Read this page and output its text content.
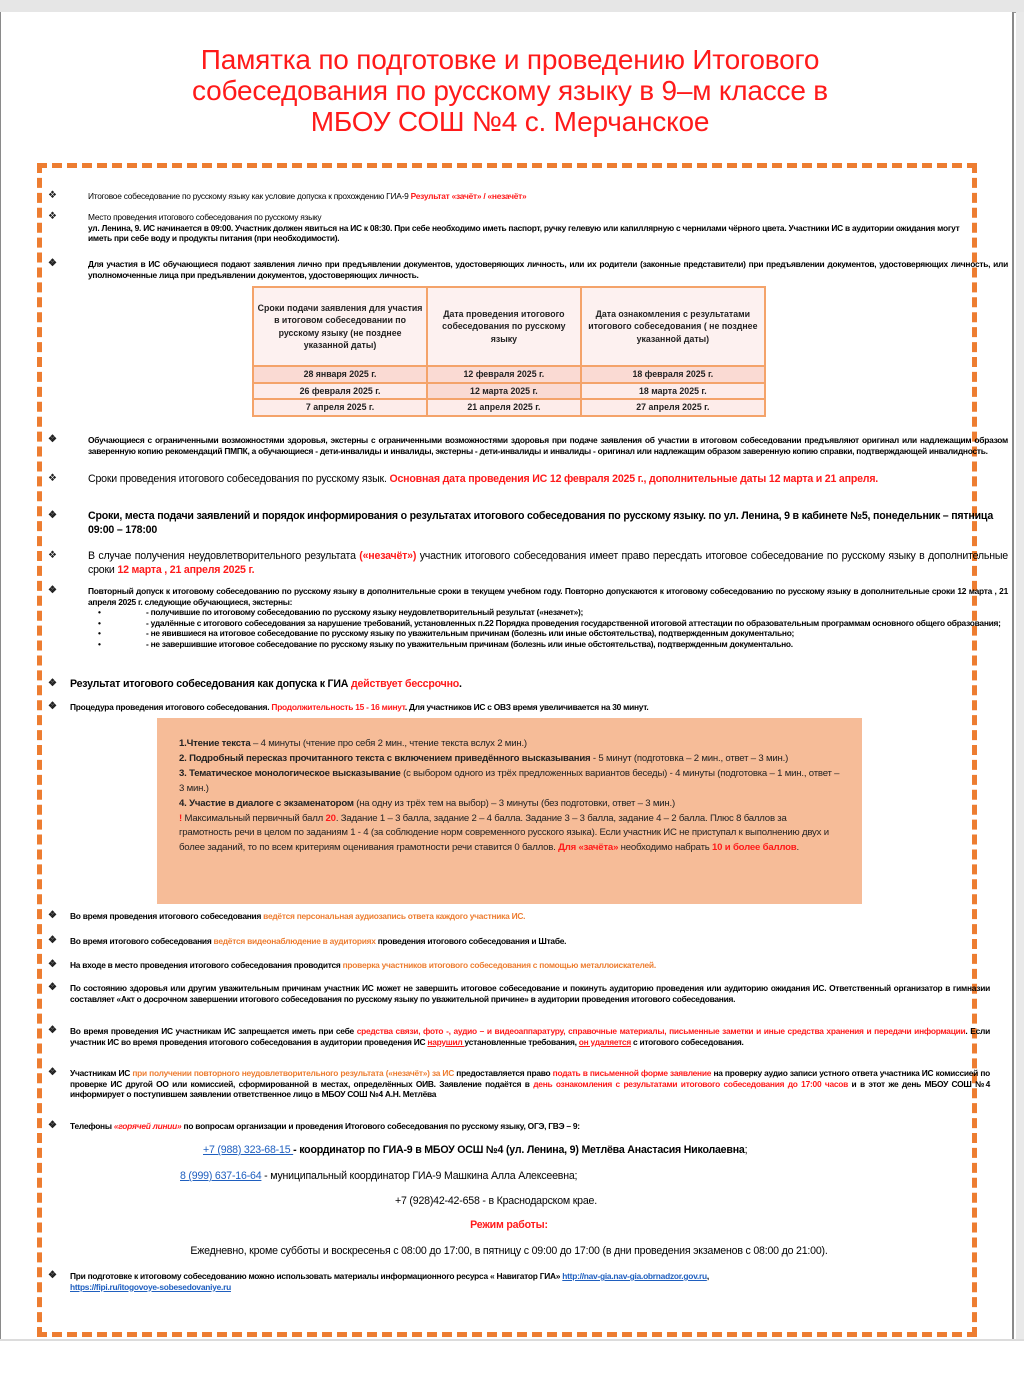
Памятка по подготовке и проведению Итогового
собеседования по русскому языку в 9–м классе в
МБОУ СОШ №4 с. Мерчанское
❖	Итоговое собеседование по русскому языку как условие допуска к прохождению ГИА-9 Результат «зачёт» / «незачёт»
❖	Место проведения итогового собеседования по русскому языку
ул. Ленина, 9. ИС начинается в 09:00. Участник должен явиться на ИС к 08:30. При себе необходимо иметь паспорт, ручку гелевую или капиллярную с чернилами чёрного цвета. Участники ИС в аудитории ожидания могут иметь при себе воду и продукты питания (при необходимости).
❖	Для участия в ИС обучающиеся подают заявления лично при предъявлении документов, удостоверяющих личность, или их родители (законные представители) при предъявлении документов, удостоверяющих личность, или уполномоченные лица при предъявлении документов, удостоверяющих личность.
Сроки подачи заявления для участия в итоговом собеседовании по русскому языку (не позднее указанной даты)	Дата проведения итогового собеседования по русскому языку	Дата ознакомления с результатами итогового собеседования ( не позднее указанной даты)
28 января 2025 г.	12 февраля 2025 г.	18 февраля 2025 г.
26 февраля 2025 г.	12 марта 2025 г.	18 марта 2025 г.
7 апреля 2025 г.	21 апреля 2025 г.	27 апреля 2025 г.
❖	Обучающиеся с ограниченными возможностями здоровья, экстерны с ограниченными возможностями здоровья при подаче заявления об участии в итоговом собеседовании предъявляют оригинал или надлежащим образом заверенную копию рекомендаций ПМПК, а обучающиеся - дети-инвалиды и инвалиды, экстерны - дети-инвалиды и инвалиды - оригинал или надлежащим образом заверенную копию справки, подтверждающей инвалидность.
❖	Сроки проведения итогового собеседования по русскому язык. Основная дата проведения ИС 12 февраля 2025 г., дополнительные даты 12 марта и 21 апреля.
❖	Сроки, места подачи заявлений и порядок информирования о результатах итогового собеседования по русскому языку. по ул. Ленина, 9 в кабинете №5, понедельник – пятница 09:00 – 178:00
❖	В случае получения неудовлетворительного результата («незачёт») участник итогового собеседования имеет право пересдать итоговое собеседование по русскому языку в дополнительные сроки 12 марта , 21 апреля 2025 г.
❖	Повторный допуск к итоговому собеседованию по русскому языку в дополнительные сроки в текущем учебном году. Повторно допускаются к итоговому собеседованию по русскому языку в дополнительные сроки 12 марта , 21 апреля 2025 г. следующие обучающиеся, экстерны:
•	- получившие по итоговому собеседованию по русскому языку неудовлетворительный результат («незачет»);
•	- удалённые с итогового собеседования за нарушение требований, установленных п.22 Порядка проведения государственной итоговой аттестации по образовательным программам основного общего образования;
•	- не явившиеся на итоговое собеседование по русскому языку по уважительным причинам (болезнь или иные обстоятельства), подтвержденным документально;
•	- не завершившие итоговое собеседование по русскому языку по уважительным причинам (болезнь или иные обстоятельства), подтвержденным документально.
❖ Результат итогового собеседования как допуска к ГИА действует бессрочно.
❖ Процедура проведения итогового собеседования. Продолжительность 15 - 16 минут. Для участников ИС с ОВЗ время увеличивается на 30 минут.
1.Чтение текста – 4 минуты (чтение про себя 2 мин., чтение текста вслух 2 мин.)
2. Подробный пересказ прочитанного текста с включением приведённого высказывания - 5 минут (подготовка – 2 мин., ответ – 3 мин.)
3. Тематическое монологическое высказывание (с выбором одного из трёх предложенных вариантов беседы) - 4 минуты (подготовка – 1 мин., ответ – 3 мин.)
4. Участие в диалоге с экзаменатором (на одну из трёх тем на выбор) – 3 минуты (без подготовки, ответ – 3 мин.)
! Максимальный первичный балл 20. Задание 1 – 3 балла, задание 2 – 4 балла. Задание 3 – 3 балла, задание 4 – 2 балла. Плюс 8 баллов за грамотность речи в целом по заданиям 1 - 4 (за соблюдение норм современного русского языка). Если участник ИС не приступал к выполнению двух и более заданий, то по всем критериям оценивания грамотности речи ставится 0 баллов. Для «зачёта» необходимо набрать 10 и более баллов.
❖ Во время проведения итогового собеседования ведётся персональная аудиозапись ответа каждого участника ИС.
❖ Во время итогового собеседования ведётся видеонаблюдение в аудиториях проведения итогового собеседования и Штабе.
❖ На входе в место проведения итогового собеседования проводится проверка участников итогового собеседования с помощью металлоискателей.
❖ По состоянию здоровья или другим уважительным причинам участник ИС может не завершить итоговое собеседование и покинуть аудиторию проведения или аудиторию ожидания ИС. Ответственный организатор в гимназии составляет «Акт о досрочном завершении итогового собеседования по русскому языку по уважительной причине» в аудитории проведения итогового собеседования.
❖ Во время проведения ИС участникам ИС запрещается иметь при себе средства связи, фото -, аудио – и видеоаппаратуру, справочные материалы, письменные заметки и иные средства хранения и передачи информации. Если участник ИС во время проведения итогового собеседования в аудитории проведения ИС нарушил установленные требования, он удаляется с итогового собеседования.
❖ Участникам ИС при получении повторного неудовлетворительного результата («незачёт») за ИС предоставляется право подать в письменной форме заявление на проверку аудио записи устного ответа участника ИС комиссией по проверке ИС другой ОО или комиссией, сформированной в местах, определённых ОИВ. Заявление подаётся в день ознакомления с результатами итогового собеседования до 17:00 часов и в этот же день МБОУ СОШ №4 информирует о поступившем заявлении ответственное лицо в МБОУ СОШ №4 А.Н. Метлёва
❖ Телефоны «горячей линии» по вопросам организации и проведения Итогового собеседования по русскому языку, ОГЭ, ГВЭ – 9:
+7 (988) 323-68-15 - координатор по ГИА-9 в МБОУ ОСШ №4 (ул. Ленина, 9) Метлёва Анастасия Николаевна;
8 (999) 637-16-64 - муниципальный координатор ГИА-9 Машкина Алла Алексеевна;
+7 (928)42-42-658 - в Краснодарском крае.
Режим работы:
Ежедневно, кроме субботы и воскресенья с 08:00 до 17:00, в пятницу с 09:00 до 17:00 (в дни проведения экзаменов с 08:00 до 21:00).
❖ При подготовке к итоговому собеседованию можно использовать материалы информационного ресурса « Навигатор ГИА» http://nav-gia.nav-gia.obrnadzor.gov.ru,
https://fipi.ru/itogovoye-sobesedovaniye.ru
